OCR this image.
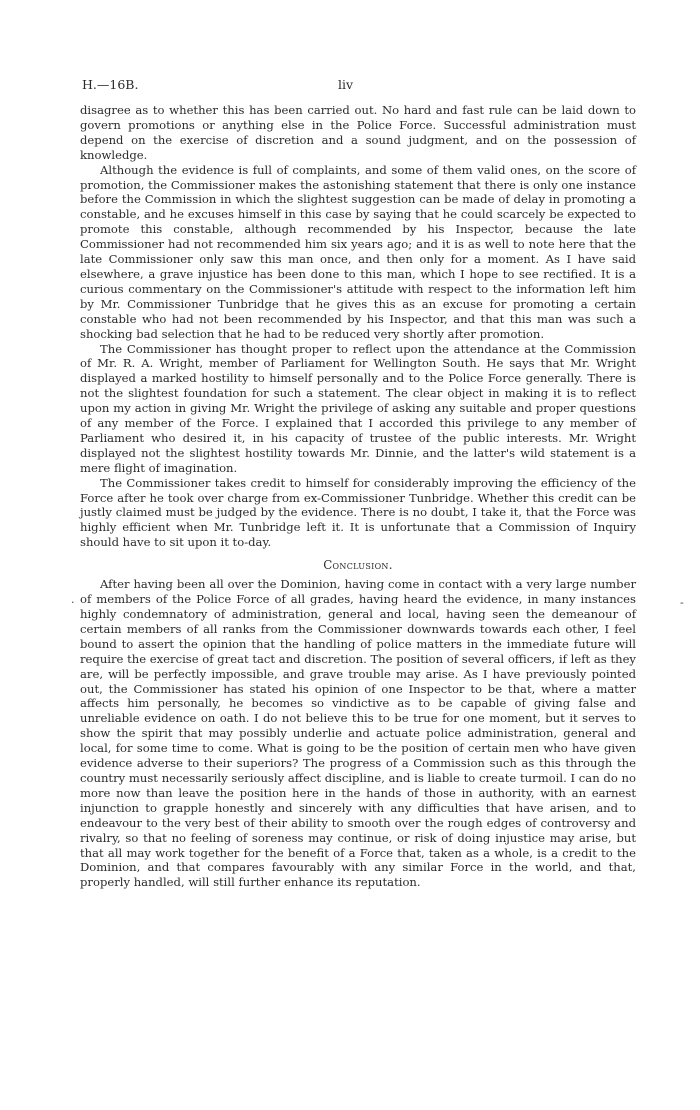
H.—16B.	liv

disagree as to whether this has been carried out. No hard and fast rule can be laid down to govern promotions or anything else in the Police Force. Successful administration must depend on the exercise of discretion and a sound judgment, and on the possession of knowledge.

Although the evidence is full of complaints, and some of them valid ones, on the score of promotion, the Commissioner makes the astonishing statement that there is only one instance before the Commission in which the slightest suggestion can be made of delay in promoting a constable, and he excuses himself in this case by saying that he could scarcely be expected to promote this constable, although recommended by his Inspector, because the late Commissioner had not recommended him six years ago; and it is as well to note here that the late Commissioner only saw this man once, and then only for a moment. As I have said elsewhere, a grave injustice has been done to this man, which I hope to see rectified. It is a curious commentary on the Commissioner's attitude with respect to the information left him by Mr. Commissioner Tunbridge that he gives this as an excuse for promoting a certain constable who had not been recommended by his Inspector, and that this man was such a shocking bad selection that he had to be reduced very shortly after promotion.

The Commissioner has thought proper to reflect upon the attendance at the Commission of Mr. R. A. Wright, member of Parliament for Wellington South. He says that Mr. Wright displayed a marked hostility to himself personally and to the Police Force generally. There is not the slightest foundation for such a statement. The clear object in making it is to reflect upon my action in giving Mr. Wright the privilege of asking any suitable and proper questions of any member of the Force. I explained that I accorded this privilege to any member of Parliament who desired it, in his capacity of trustee of the public interests. Mr. Wright displayed not the slightest hostility towards Mr. Dinnie, and the latter's wild statement is a mere flight of imagination.

The Commissioner takes credit to himself for considerably improving the efficiency of the Force after he took over charge from ex-Commissioner Tunbridge. Whether this credit can be justly claimed must be judged by the evidence. There is no doubt, I take it, that the Force was highly efficient when Mr. Tunbridge left it. It is unfortunate that a Commission of Inquiry should have to sit upon it to-day.

Conclusion.

After having been all over the Dominion, having come in contact with a very large number of members of the Police Force of all grades, having heard the evidence, in many instances highly condemnatory of administration, general and local, having seen the demeanour of certain members of all ranks from the Commissioner downwards towards each other, I feel bound to assert the opinion that the handling of police matters in the immediate future will require the exercise of great tact and discretion. The position of several officers, if left as they are, will be perfectly impossible, and grave trouble may arise. As I have previously pointed out, the Commissioner has stated his opinion of one Inspector to be that, where a matter affects him personally, he becomes so vindictive as to be capable of giving false and unreliable evidence on oath. I do not believe this to be true for one moment, but it serves to show the spirit that may possibly underlie and actuate police administration, general and local, for some time to come. What is going to be the position of certain men who have given evidence adverse to their superiors? The progress of a Commission such as this through the country must necessarily seriously affect discipline, and is liable to create turmoil. I can do no more now than leave the position here in the hands of those in authority, with an earnest injunction to grapple honestly and sincerely with any difficulties that have arisen, and to endeavour to the very best of their ability to smooth over the rough edges of controversy and rivalry, so that no feeling of soreness may continue, or risk of doing injustice may arise, but that all may work together for the benefit of a Force that, taken as a whole, is a credit to the Dominion, and that compares favourably with any similar Force in the world, and that, properly handled, will still further enhance its reputation.

-
·
